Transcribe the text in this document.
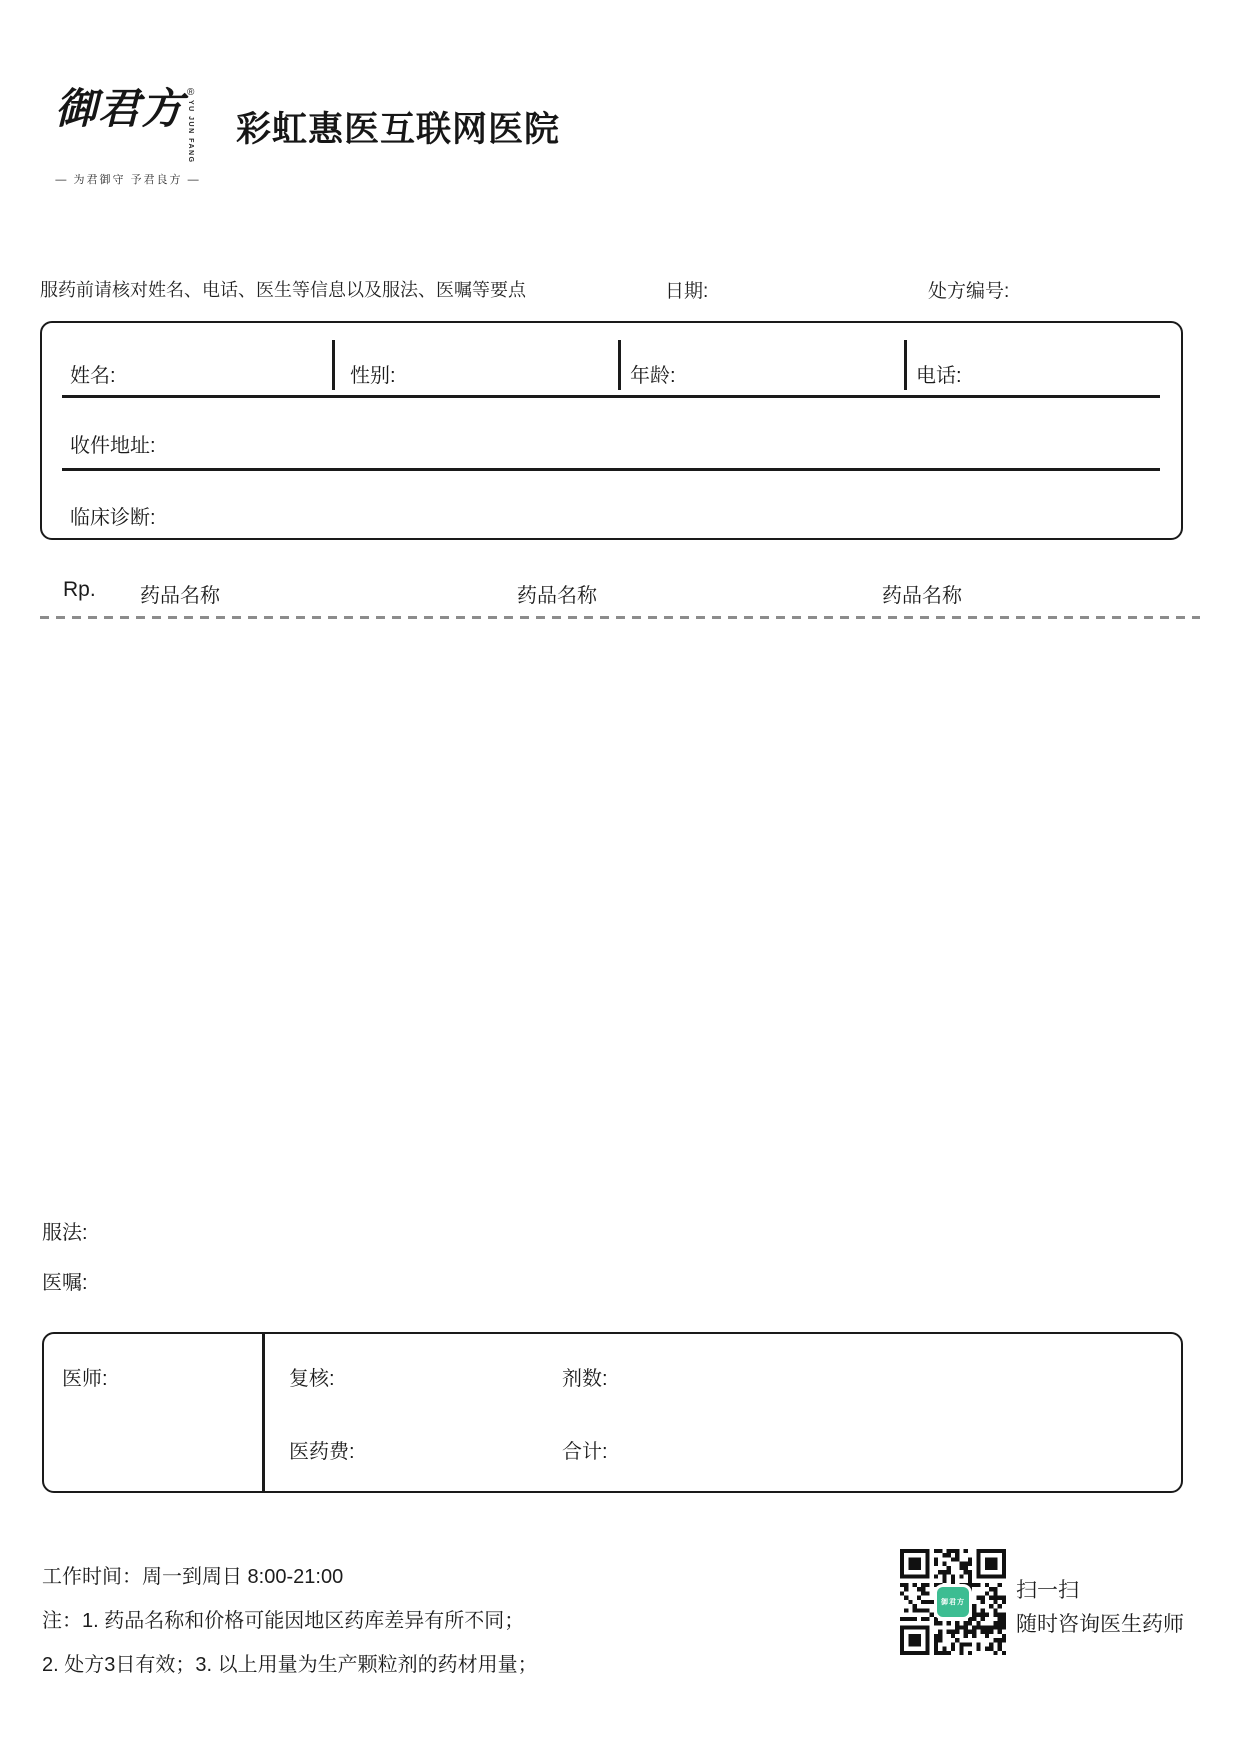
御君方 ®
YU JUN FANG
— 为君御守 予君良方 —
彩虹惠医互联网医院
服药前请核对姓名、电话、医生等信息以及服法、医嘱等要点	日期:	处方编号:
姓名:	性别:	年龄:	电话:
收件地址:
临床诊断:
Rp. 药品名称	药品名称	药品名称
服法:
医嘱:
医师:	复核:	剂数:
医药费:	合计:
工作时间：周一到周日 8:00-21:00
注：1. 药品名称和价格可能因地区药库差异有所不同；
2. 处方3日有效；3. 以上用量为生产颗粒剂的药材用量；
御君方
扫一扫
随时咨询医生药师
